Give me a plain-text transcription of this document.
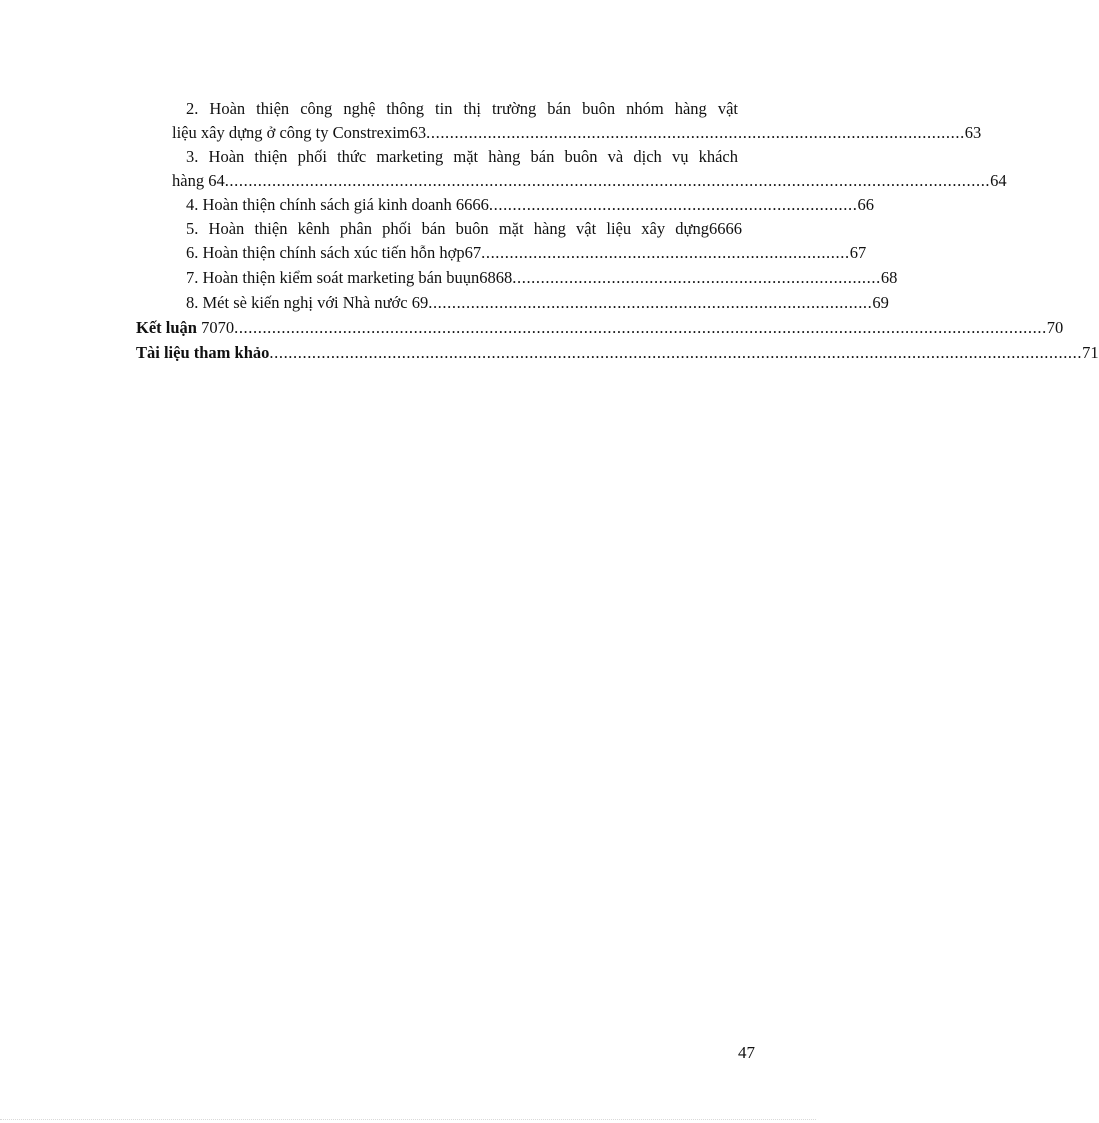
2. Hoàn thiện công nghệ thông tin thị trường bán buôn nhóm hàng vật
liệu xây dựng ở công ty Constrexim63 .................................................................................................................. 63
3. Hoàn thiện phối thức marketing mặt hàng bán buôn và dịch vụ khách
hàng 64 .................................................................................................................................................................. 64
4. Hoàn thiện chính sách giá kinh doanh 6666 .............................................................................. 66
5. Hoàn thiện kênh phân phối bán buôn mặt hàng vật liệu xây dựng6666
6. Hoàn thiện chính sách xúc tiến hỗn hợp67 .............................................................................. 67
7. Hoàn thiện kiểm soát marketing bán buụn6868 .............................................................................. 68
8. Mét sè kiến nghị với Nhà nước 69 .............................................................................................. 69
Kết luận 7070 ............................................................................................................................................................................ 70
Tài liệu tham khảo ............................................................................................................................................................................ 71
47
